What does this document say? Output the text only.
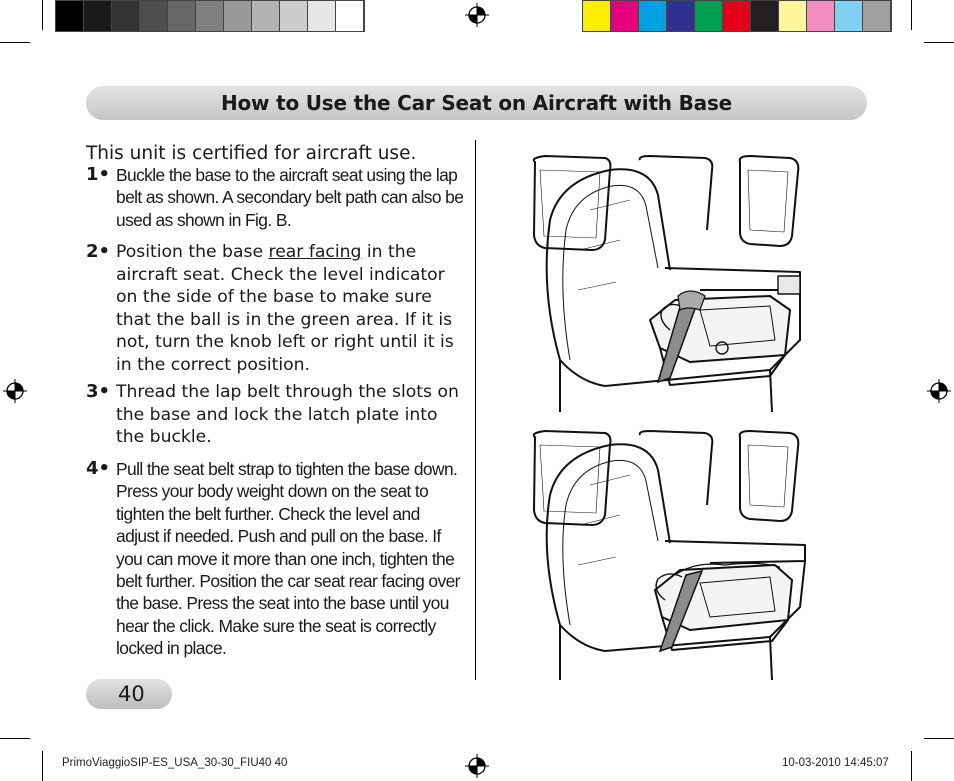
How to Use the Car Seat on Aircraft with Base
This unit is certified for aircraft use.
1• Buckle the base to the aircraft seat using the lap belt as shown. A secondary belt path can also be used as shown in Fig. B.
2• Position the base rear facing in the aircraft seat. Check the level indicator on the side of the base to make sure that the ball is in the green area. If it is not, turn the knob left or right until it is in the correct position.
3• Thread the lap belt through the slots on the base and lock the latch plate into the buckle.
4• Pull the seat belt strap to tighten the base down. Press your body weight down on the seat to tighten the belt further. Check the level and adjust if needed. Push and pull on the base. If you can move it more than one inch, tighten the belt further. Position the car seat rear facing over the base. Press the seat into the base until you hear the click. Make sure the seat is correctly locked in place.
40
PrimoViaggioSIP-ES_USA_30-30_FIU40 40	10-03-2010 14:45:07
